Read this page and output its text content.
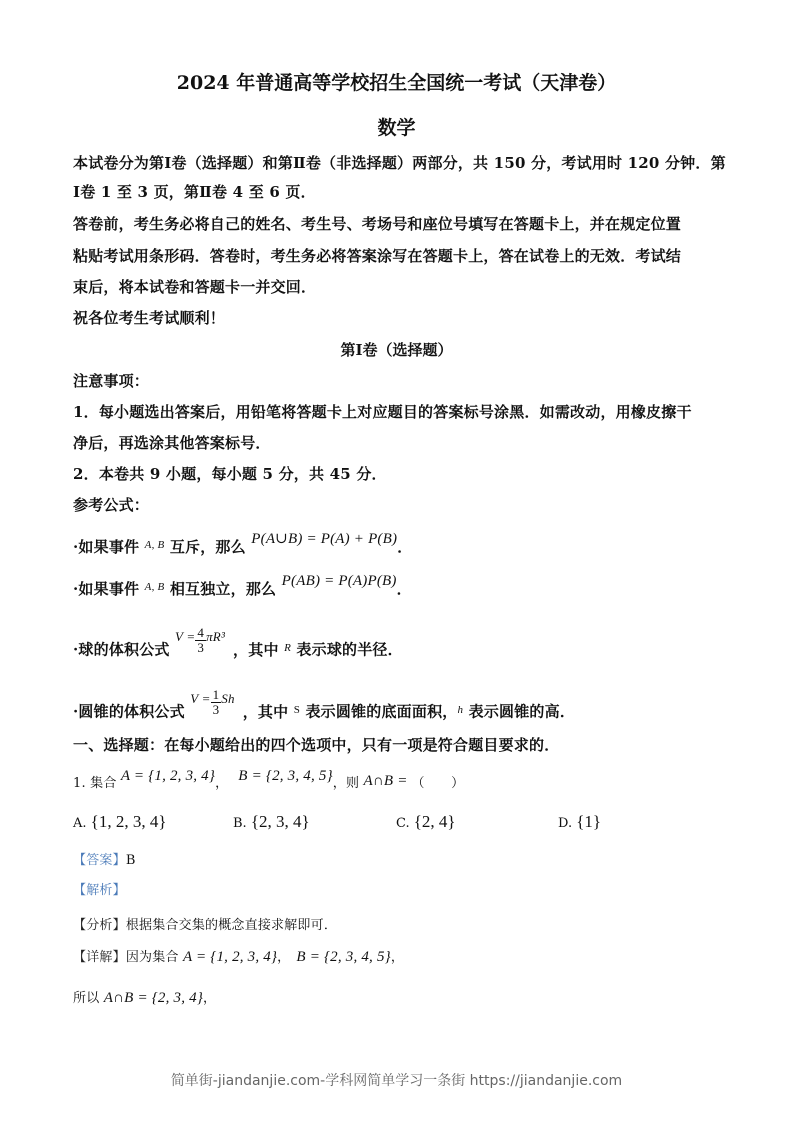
2024 年普通高等学校招生全国统一考试（天津卷）
数学
本试卷分为第Ⅰ卷（选择题）和第Ⅱ卷（非选择题）两部分，共 150 分，考试用时 120 分钟．第
Ⅰ卷 1 至 3 页，第Ⅱ卷 4 至 6 页．
答卷前，考生务必将自己的姓名、考生号、考场号和座位号填写在答题卡上，并在规定位置
粘贴考试用条形码．答卷时，考生务必将答案涂写在答题卡上，答在试卷上的无效．考试结
束后，将本试卷和答题卡一并交回．
祝各位考生考试顺利！
第Ⅰ卷（选择题）
注意事项：
1．每小题选出答案后，用铅笔将答题卡上对应题目的答案标号涂黑．如需改动，用橡皮擦干
净后，再选涂其他答案标号．
2．本卷共 9 小题，每小题 5 分，共 45 分．
参考公式：
·如果事件 $^{A, B}$ 互斥，那么 P(A∪B) = P(A) + P(B)．
·如果事件 $^{A, B}$ 相互独立，那么 P(AB) = P(A)P(B)．
·球的体积公式 $V = \frac{4}{3} \pi R^3$，其中 $^R$ 表示球的半径．
·圆锥的体积公式 $V = \frac{1}{3}$ Sh，其中 $^S$ 表示圆锥的底面面积，$^h$ 表示圆锥的高．
一、选择题：在每小题给出的四个选项中，只有一项是符合题目要求的．
1. 集合 A = {1, 2, 3, 4}， B = {2, 3, 4, 5}，则 A∩B = （　　）
A. {1, 2, 3, 4}	B. {2, 3, 4}	C. {2, 4}	D. {1}
【答案】B
【解析】
【分析】根据集合交集的概念直接求解即可．
【详解】因为集合 A = {1, 2, 3, 4}， B = {2, 3, 4, 5}，
所以 A∩B = {2, 3, 4}，
简单街-jiandanjie.com-学科网简单学习一条街 https://jiandanjie.com
